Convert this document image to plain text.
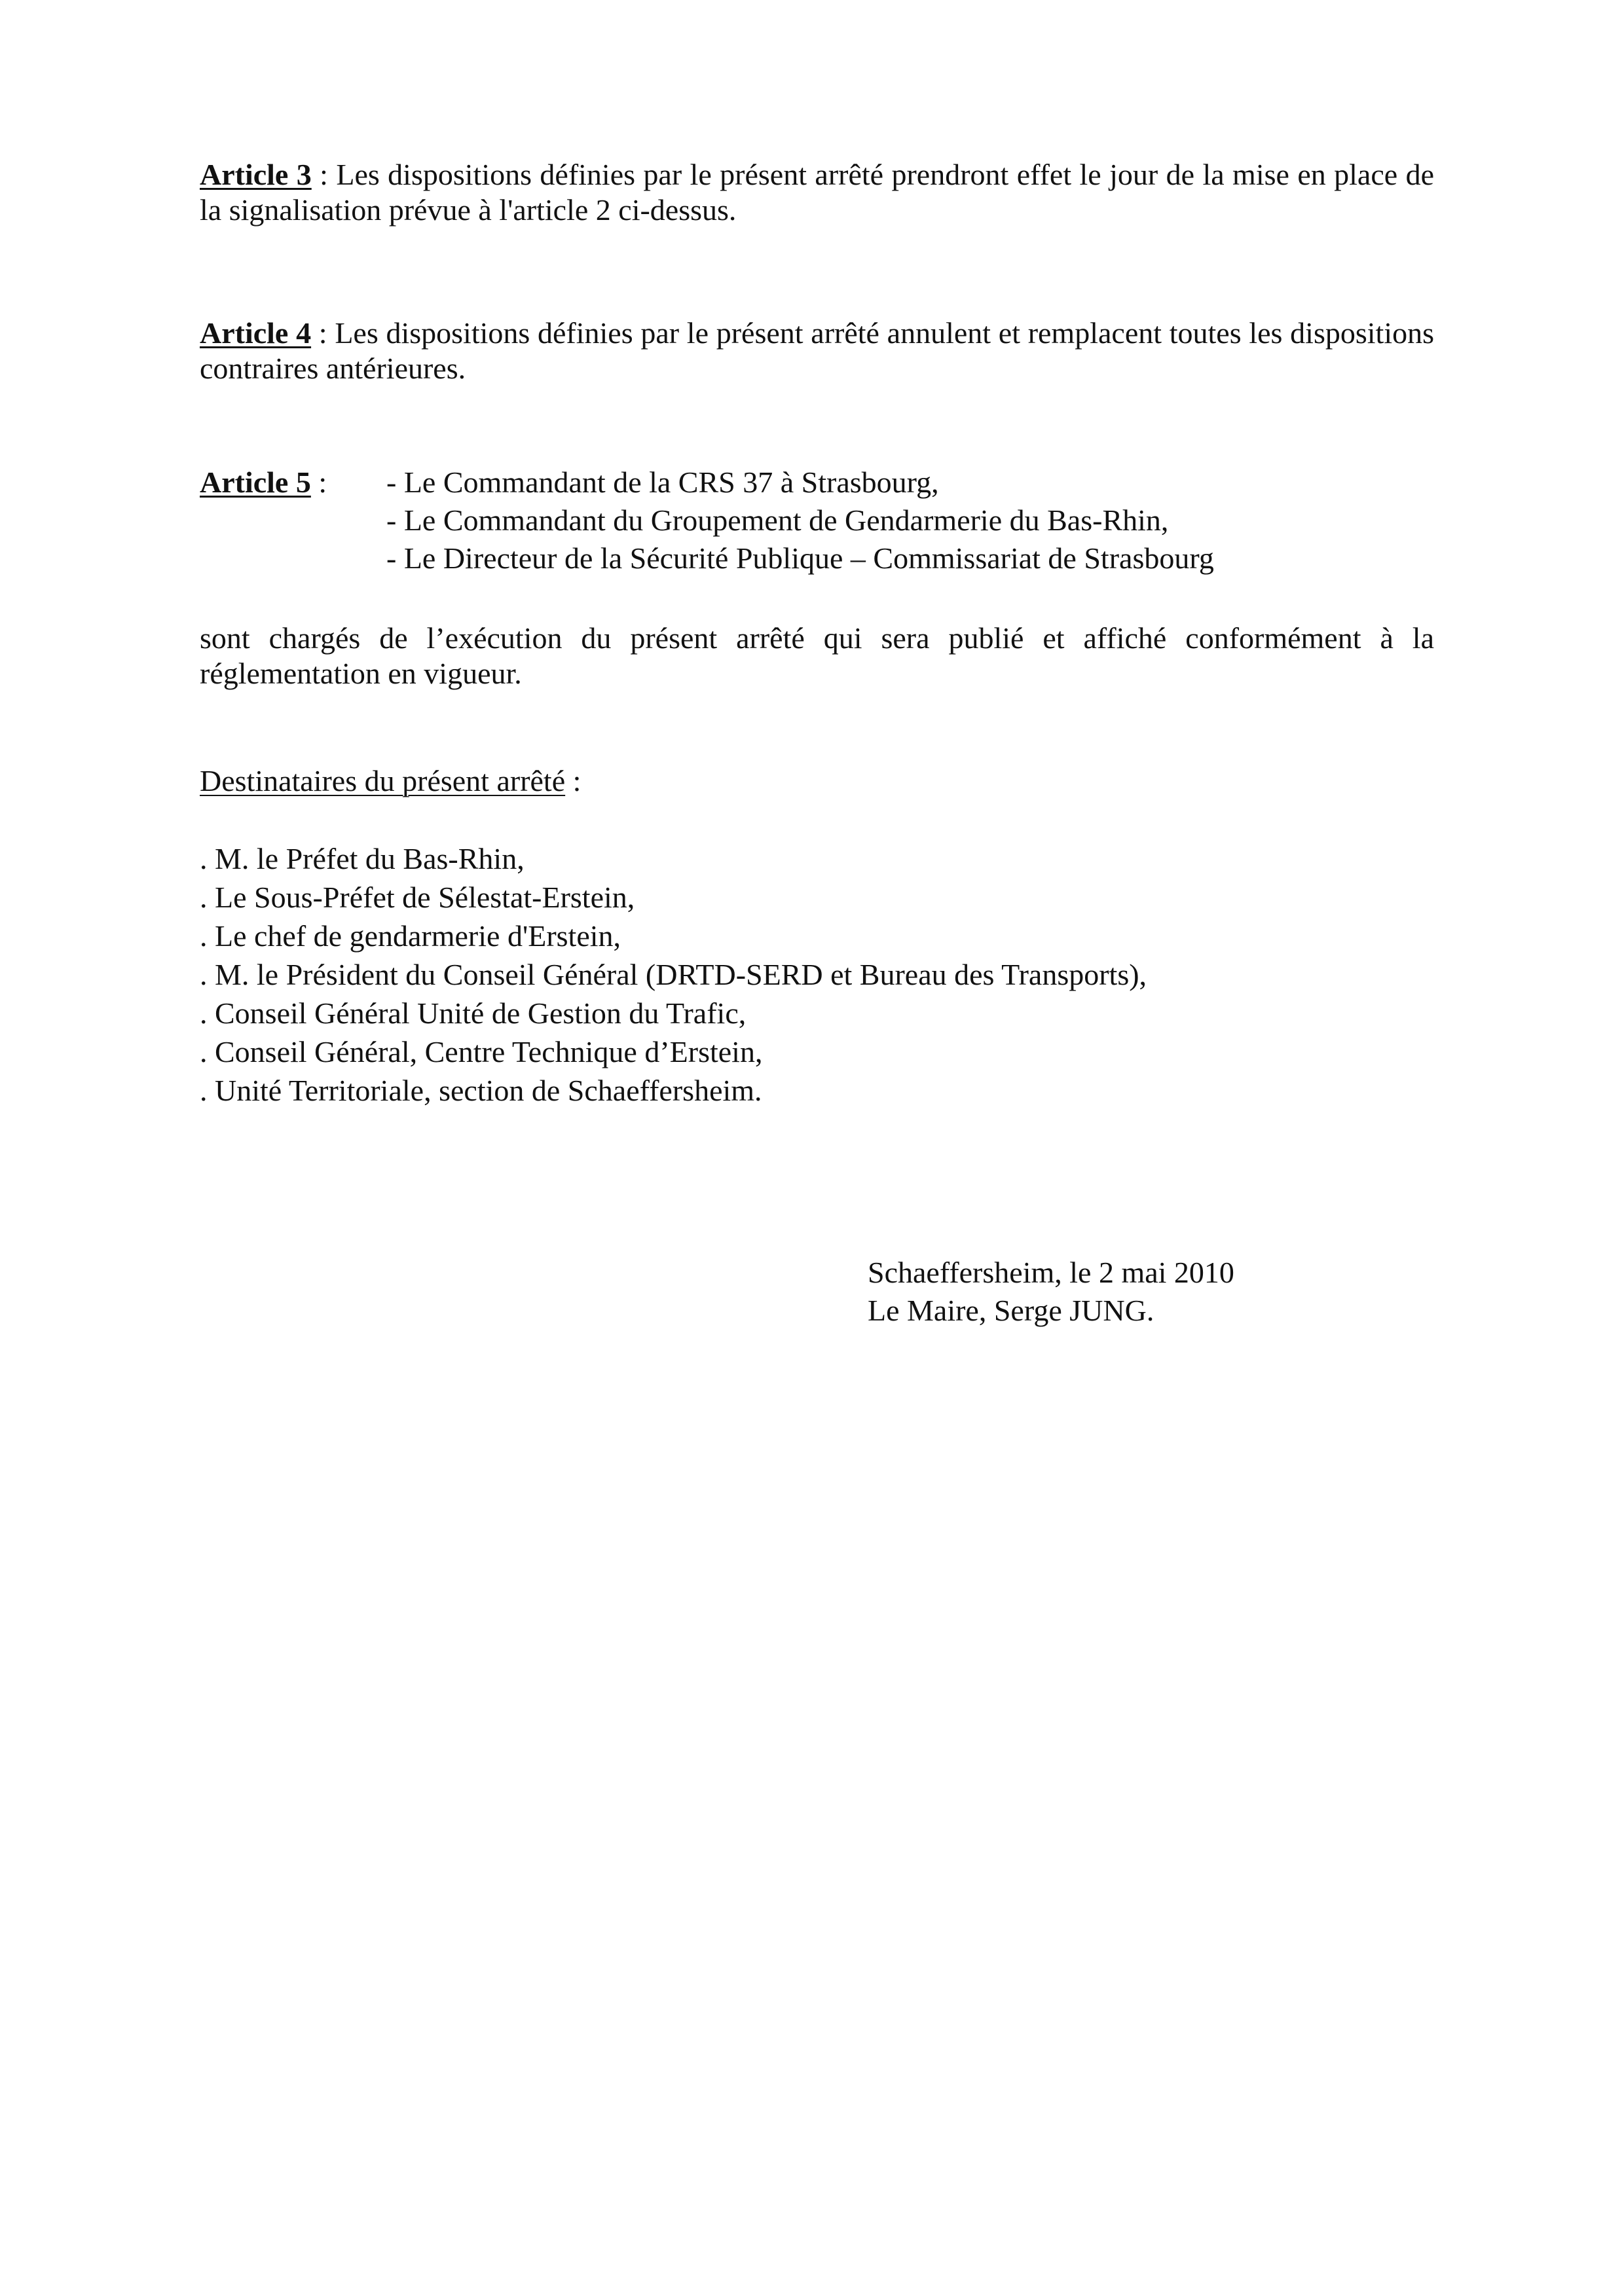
Article 3 : Les dispositions définies par le présent arrêté prendront effet le jour de la mise en place de la signalisation prévue à l'article 2 ci-dessus.
Article 4 : Les dispositions définies par le présent arrêté annulent et remplacent toutes les dispositions contraires antérieures.
Article 5 : - Le Commandant de la CRS 37 à Strasbourg,
- Le Commandant du Groupement de Gendarmerie du Bas-Rhin,
- Le Directeur de la Sécurité Publique – Commissariat de Strasbourg
sont chargés de l’exécution du présent arrêté qui sera publié et affiché conformément à la réglementation en vigueur.
Destinataires du présent arrêté :
. M. le Préfet du Bas-Rhin,
. Le Sous-Préfet de Sélestat-Erstein,
. Le chef de gendarmerie d'Erstein,
. M. le Président du Conseil Général (DRTD-SERD et Bureau des Transports),
. Conseil Général Unité de Gestion du Trafic,
. Conseil Général, Centre Technique d’Erstein,
. Unité Territoriale, section de Schaeffersheim.
Schaeffersheim, le 2 mai 2010
Le Maire, Serge JUNG.
